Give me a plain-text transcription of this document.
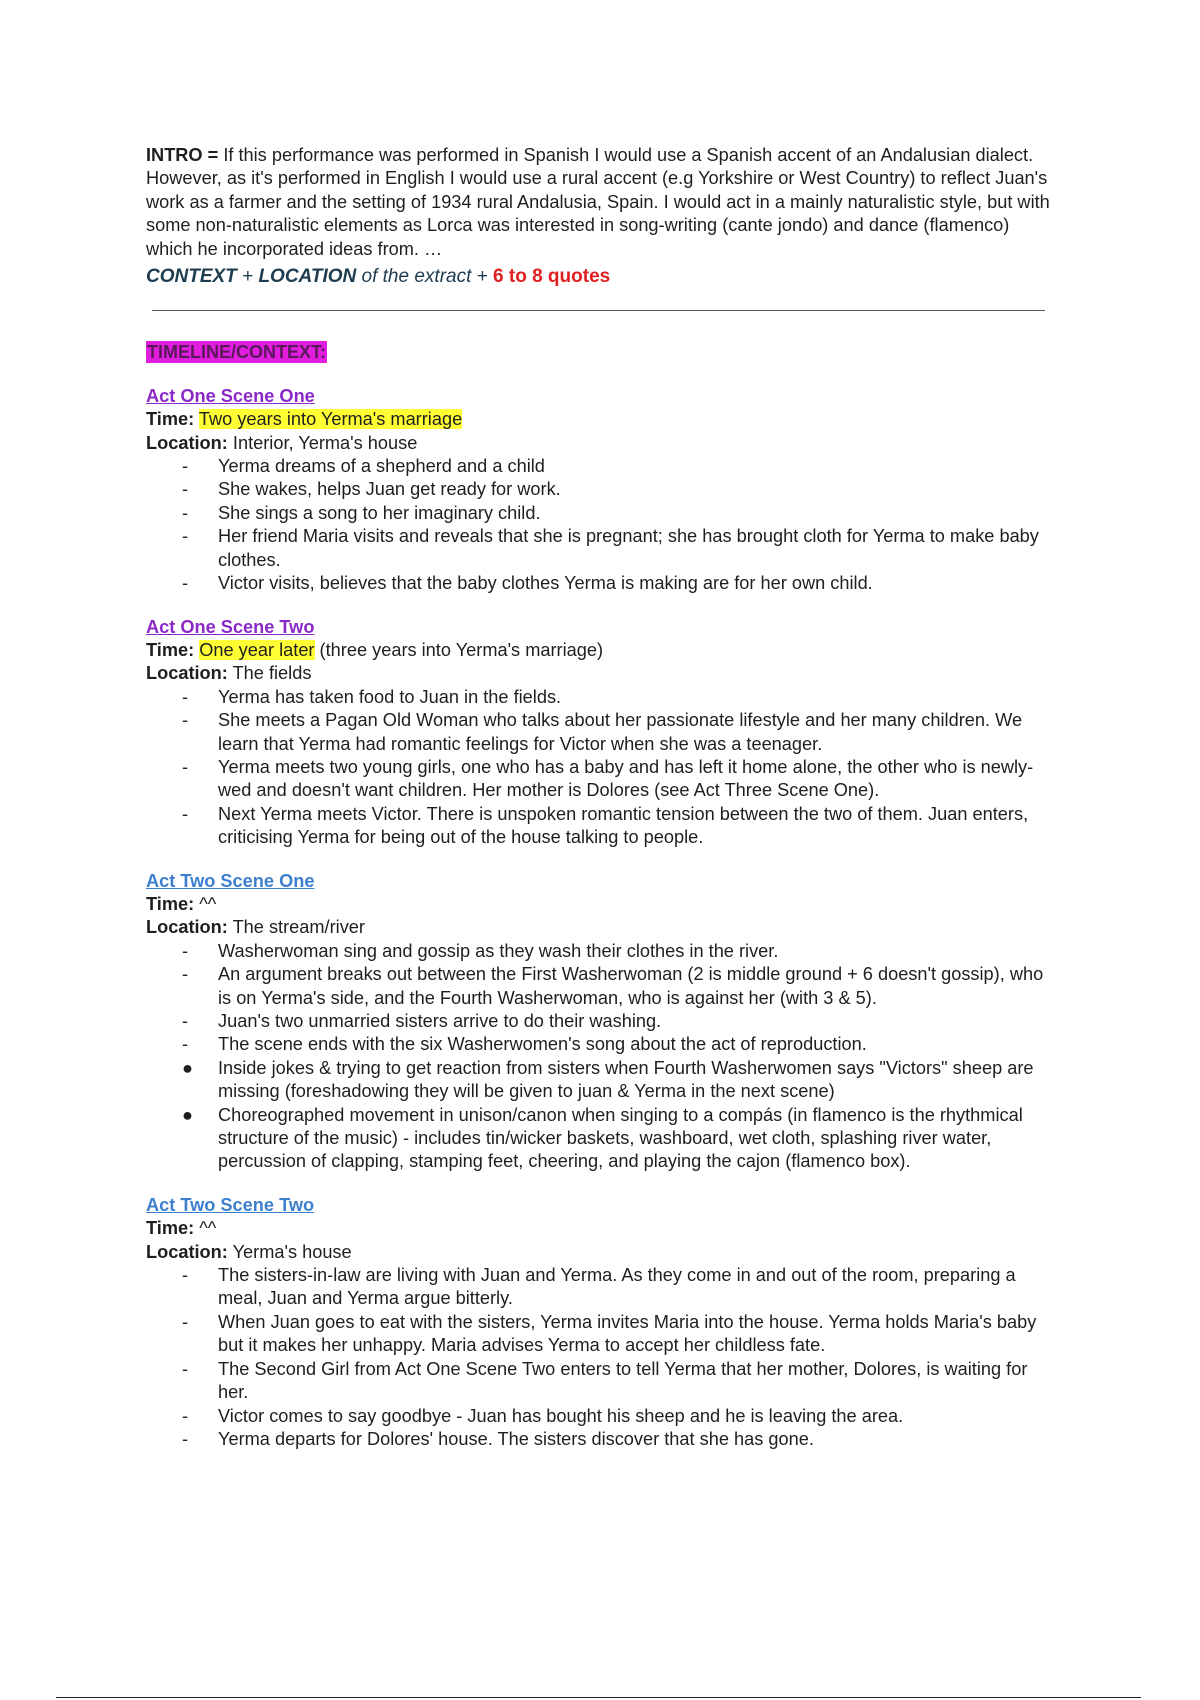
INTRO = If this performance was performed in Spanish I would use a Spanish accent of an Andalusian dialect. However, as it's performed in English I would use a rural accent (e.g Yorkshire or West Country) to reflect Juan's work as a farmer and the setting of 1934 rural Andalusia, Spain. I would act in a mainly naturalistic style, but with some non-naturalistic elements as Lorca was interested in song-writing (cante jondo) and dance (flamenco) which he incorporated ideas from. …

CONTEXT + LOCATION of the extract + 6 to 8 quotes
TIMELINE/CONTEXT:
Act One Scene One
Time: Two years into Yerma's marriage
Location: Interior, Yerma's house
-	Yerma dreams of a shepherd and a child
-	She wakes, helps Juan get ready for work.
-	She sings a song to her imaginary child.
-	Her friend Maria visits and reveals that she is pregnant; she has brought cloth for Yerma to make baby clothes.
-	Victor visits, believes that the baby clothes Yerma is making are for her own child.
Act One Scene Two
Time: One year later (three years into Yerma's marriage)
Location: The fields
-	Yerma has taken food to Juan in the fields.
-	She meets a Pagan Old Woman who talks about her passionate lifestyle and her many children. We learn that Yerma had romantic feelings for Victor when she was a teenager.
-	Yerma meets two young girls, one who has a baby and has left it home alone, the other who is newly-wed and doesn't want children. Her mother is Dolores (see Act Three Scene One).
-	Next Yerma meets Victor. There is unspoken romantic tension between the two of them. Juan enters, criticising Yerma for being out of the house talking to people.
Act Two Scene One
Time: ^^
Location: The stream/river
-	Washerwoman sing and gossip as they wash their clothes in the river.
-	An argument breaks out between the First Washerwoman (2 is middle ground + 6 doesn't gossip), who is on Yerma's side, and the Fourth Washerwoman, who is against her (with 3 & 5).
-	Juan's two unmarried sisters arrive to do their washing.
-	The scene ends with the six Washerwomen's song about the act of reproduction.
●	Inside jokes & trying to get reaction from sisters when Fourth Washerwomen says "Victors" sheep are missing (foreshadowing they will be given to juan & Yerma in the next scene)
●	Choreographed movement in unison/canon when singing to a compás (in flamenco is the rhythmical structure of the music) - includes tin/wicker baskets, washboard, wet cloth, splashing river water, percussion of clapping, stamping feet, cheering, and playing the cajon (flamenco box).
Act Two Scene Two
Time: ^^
Location: Yerma's house
-	The sisters-in-law are living with Juan and Yerma. As they come in and out of the room, preparing a meal, Juan and Yerma argue bitterly.
-	When Juan goes to eat with the sisters, Yerma invites Maria into the house. Yerma holds Maria's baby but it makes her unhappy. Maria advises Yerma to accept her childless fate.
-	The Second Girl from Act One Scene Two enters to tell Yerma that her mother, Dolores, is waiting for her.
-	Victor comes to say goodbye - Juan has bought his sheep and he is leaving the area.
-	Yerma departs for Dolores' house. The sisters discover that she has gone.
